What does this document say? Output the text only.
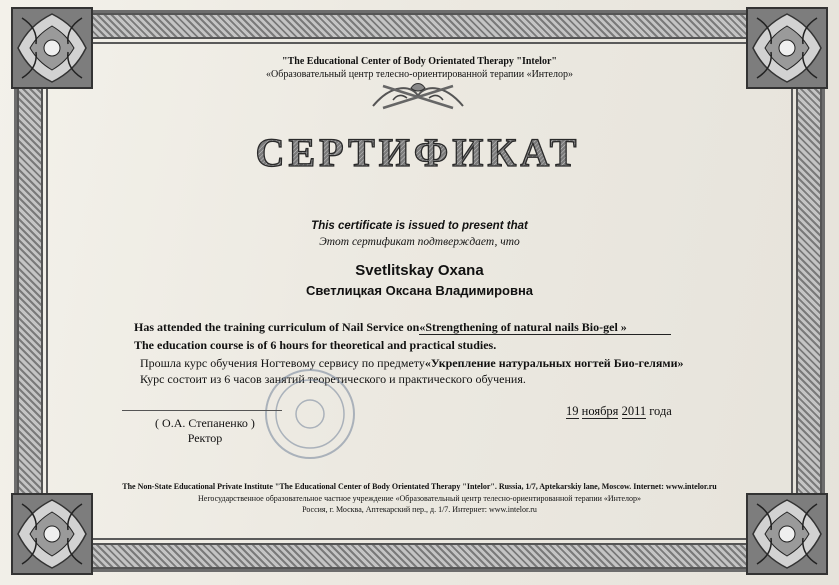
"The Educational Center of Body Orientated Therapy "Intelor"
«Образовательный центр телесно-ориентированной терапии «Интелор»
СЕРТИФИКАТ
This certificate is issued to present that
Этот сертификат подтверждает, что
Svetlitskay Oxana
Светлицкая Оксана Владимировна
Has attended the training curriculum of Nail Service on«Strengthening of natural nails Bio-gel »
The education course is of 6 hours for theoretical and practical studies.
Прошла курс обучения Ногтевому сервису по предмету«Укрепление натуральных ногтей Био-гелями»
Курс состоит из 6 часов занятий теоретического и практического обучения.
( О.А. Степаненко )
Ректор
19 ноября 2011 года
The Non-State Educational Private Institute "The Educational Center of Body Orientated Therapy "Intelor". Russia, 1/7, Aptekarskiy lane, Moscow. Internet: www.intelor.ru
Негосударственное образовательное частное учреждение «Образовательный центр телесно-ориентированной терапии «Интелор»
Россия, г. Москва, Аптекарский пер., д. 1/7. Интернет: www.intelor.ru
